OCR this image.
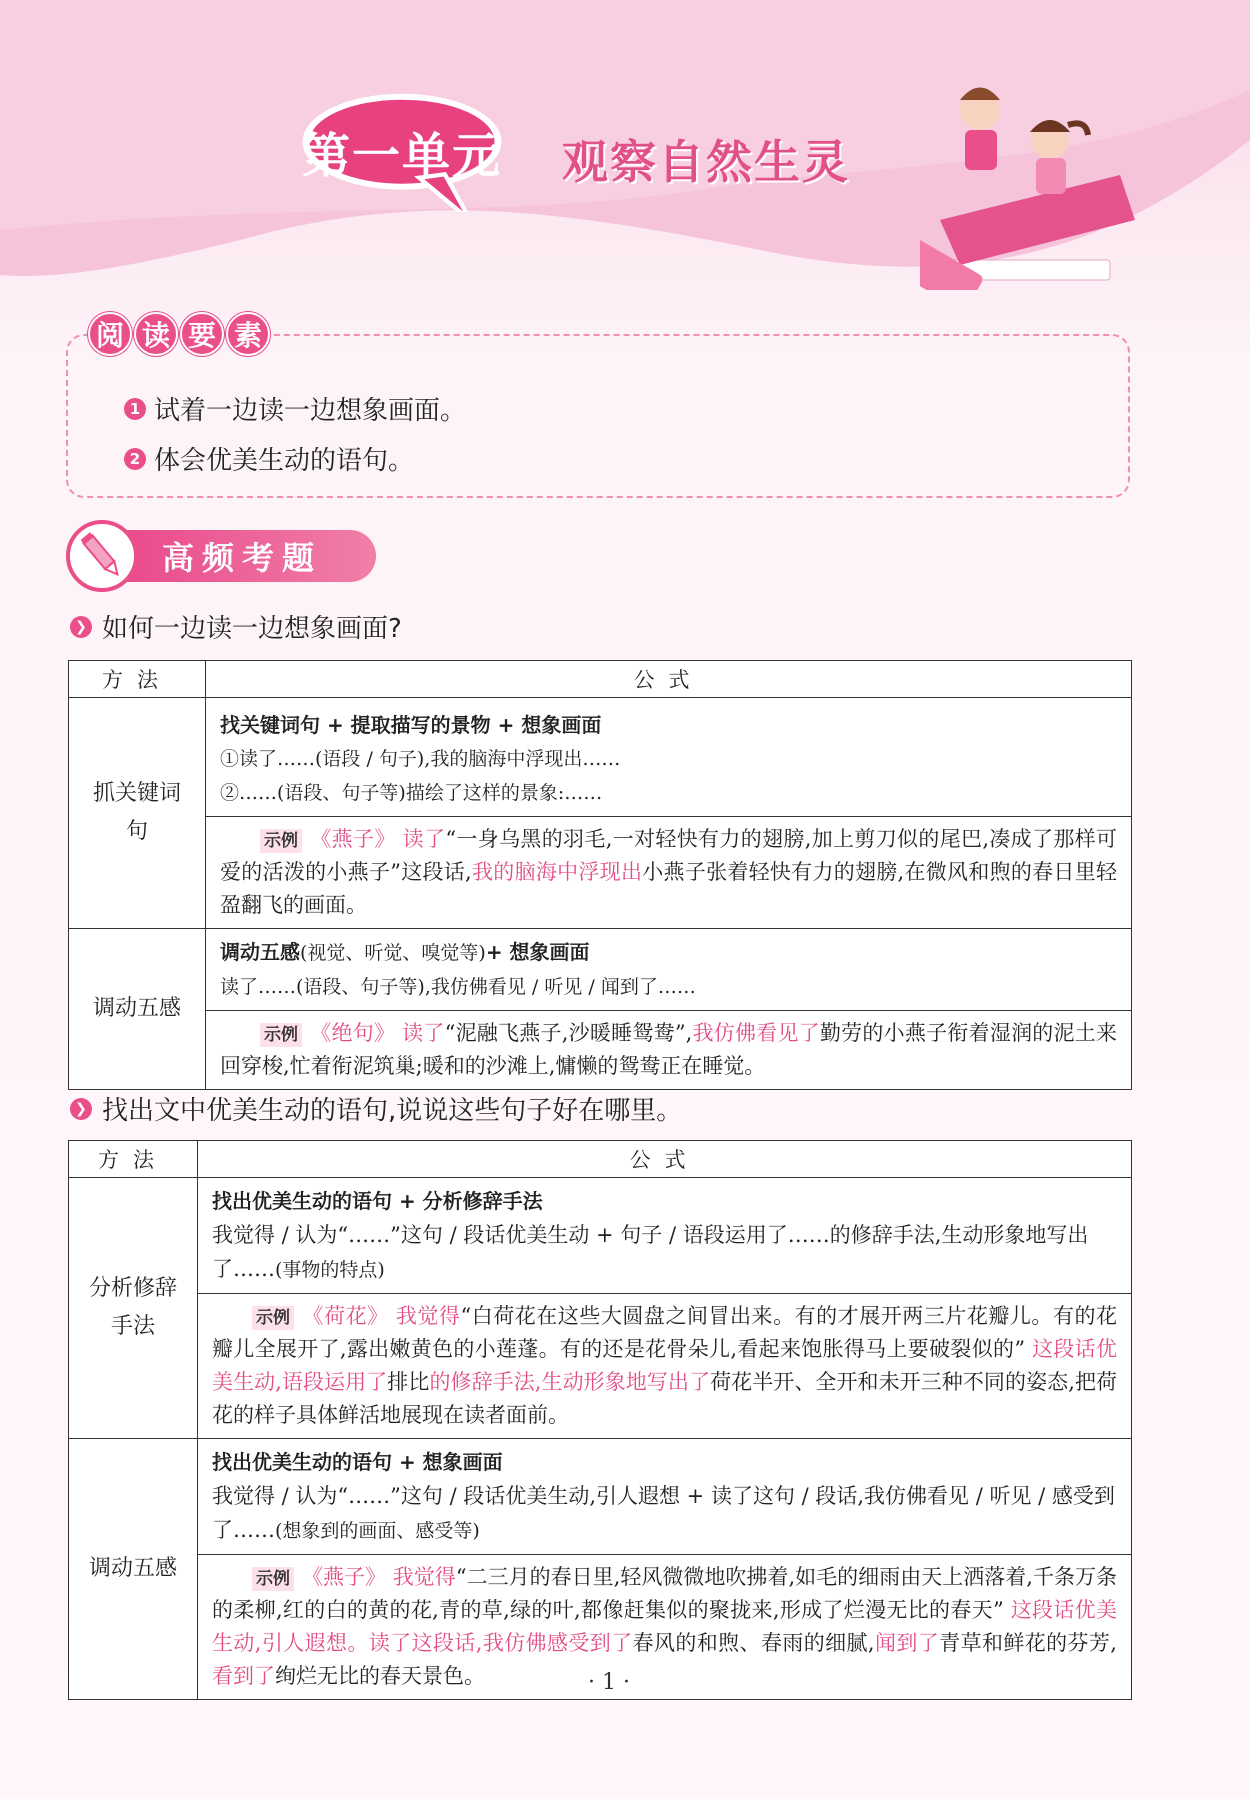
第一单元	观察自然生灵
阅 读 要 素
1 试着一边读一边想象画面。
2 体会优美生动的语句。
高频考题
❯ 如何一边读一边想象画面?
方法	公式
抓关键词句	找关键词句 + 提取描写的景物 + 想象画面
①读了……(语段 / 句子),我的脑海中浮现出……
②……(语段、句子等)描绘了这样的景象:……

	示例 《燕子》 读了“一身乌黑的羽毛,一对轻快有力的翅膀,加上剪刀似的尾巴,凑成了那样可爱的活泼的小燕子”这段话,我的脑海中浮现出小燕子张着轻快有力的翅膀,在微风和煦的春日里轻盈翻飞的画面。
调动五感	调动五感(视觉、听觉、嗅觉等)+ 想象画面
读了……(语段、句子等),我仿佛看见 / 听见 / 闻到了……

	示例 《绝句》 读了“泥融飞燕子,沙暖睡鸳鸯”,我仿佛看见了勤劳的小燕子衔着湿润的泥土来回穿梭,忙着衔泥筑巢;暖和的沙滩上,慵懒的鸳鸯正在睡觉。
❯ 找出文中优美生动的语句,说说这些句子好在哪里。
方法	公式
分析修辞手法	找出优美生动的语句 + 分析修辞手法
我觉得 / 认为“……”这句 / 段话优美生动 + 句子 / 语段运用了……的修辞手法,生动形象地写出了……(事物的特点)

	示例 《荷花》 我觉得“白荷花在这些大圆盘之间冒出来。有的才展开两三片花瓣儿。有的花瓣儿全展开了,露出嫩黄色的小莲蓬。有的还是花骨朵儿,看起来饱胀得马上要破裂似的” 这段话优美生动,语段运用了排比的修辞手法,生动形象地写出了荷花半开、全开和未开三种不同的姿态,把荷花的样子具体鲜活地展现在读者面前。
调动五感	找出优美生动的语句 + 想象画面
我觉得 / 认为“……”这句 / 段话优美生动,引人遐想 + 读了这句 / 段话,我仿佛看见 / 听见 / 感受到了……(想象到的画面、感受等)

	示例 《燕子》 我觉得“二三月的春日里,轻风微微地吹拂着,如毛的细雨由天上洒落着,千条万条的柔柳,红的白的黄的花,青的草,绿的叶,都像赶集似的聚拢来,形成了烂漫无比的春天” 这段话优美生动,引人遐想。读了这段话,我仿佛感受到了春风的和煦、春雨的细腻,闻到了青草和鲜花的芬芳,看到了绚烂无比的春天景色。	· 1 ·
